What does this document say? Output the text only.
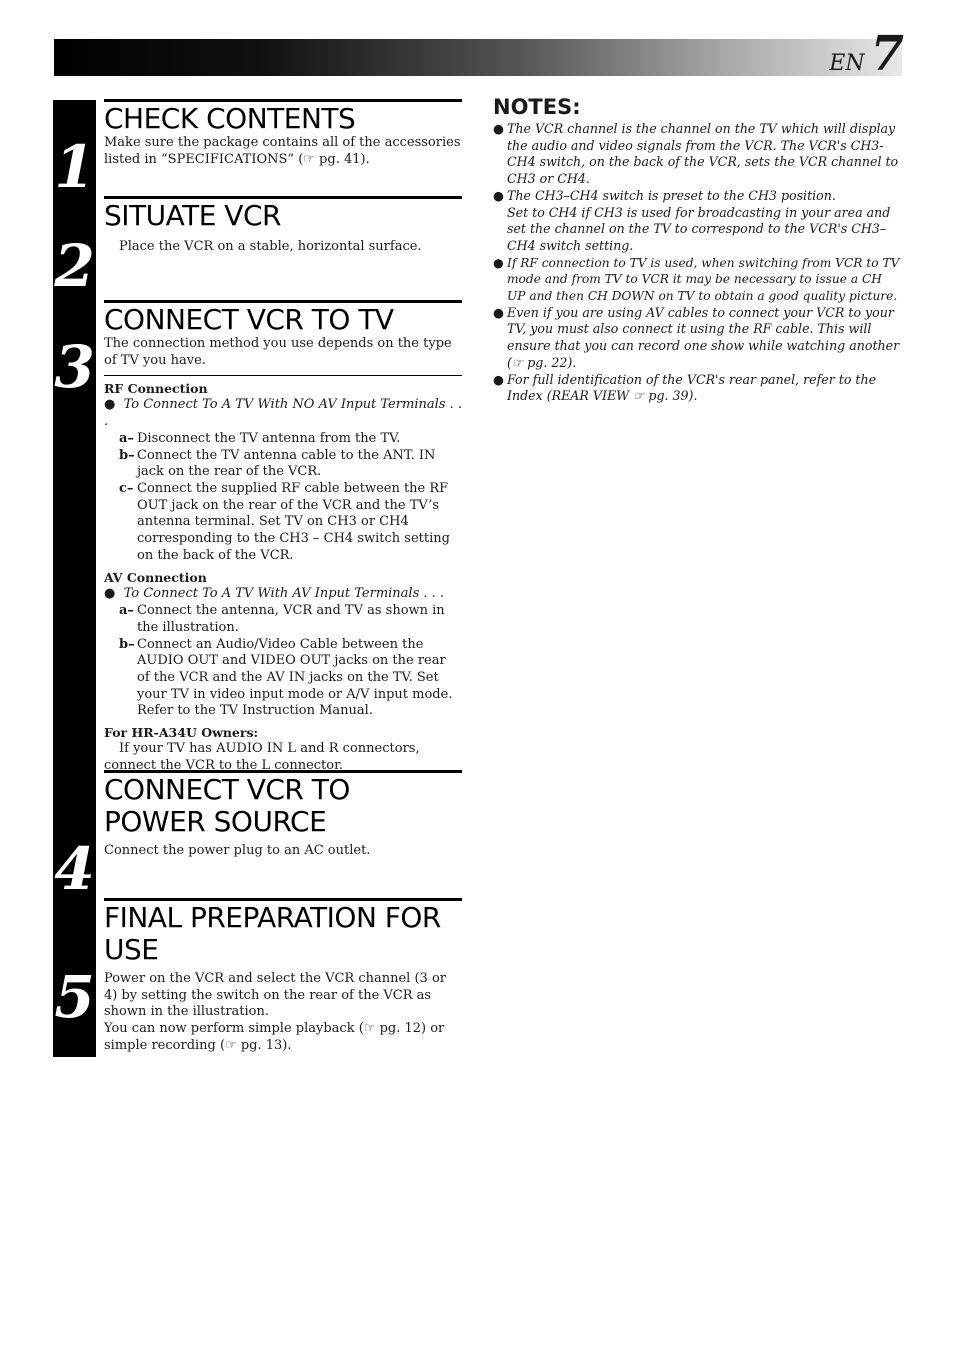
EN 7
1
2
3
4
5
CHECK CONTENTS

Make sure the package contains all of the accessories listed in “SPECIFICATIONS” (☞ pg. 41).

SITUATE VCR

Place the VCR on a stable, horizontal surface.

CONNECT VCR TO TV

The connection method you use depends on the type of TV you have.

RF Connection

●  To Connect To A TV With NO AV Input Terminals . . .

a– Disconnect the TV antenna from the TV.
b– Connect the TV antenna cable to the ANT. IN jack on the rear of the VCR.
c– Connect the supplied RF cable between the RF OUT jack on the rear of the VCR and the TV’s antenna terminal. Set TV on CH3 or CH4 corresponding to the CH3 – CH4 switch setting on the back of the VCR.

AV Connection

●  To Connect To A TV With AV Input Terminals . . .

a– Connect the antenna, VCR and TV as shown in the illustration.
b– Connect an Audio/Video Cable between the AUDIO OUT and VIDEO OUT jacks on the rear of the VCR and the AV IN jacks on the TV. Set your TV in video input mode or A/V input mode. Refer to the TV Instruction Manual.

For HR-A34U Owners:

If your TV has AUDIO IN L and R connectors,

connect the VCR to the L connector.

CONNECT VCR TO
POWER SOURCE

Connect the power plug to an AC outlet.

FINAL PREPARATION FOR
USE

Power on the VCR and select the VCR channel (3 or 4) by setting the switch on the rear of the VCR as shown in the illustration.

You can now perform simple playback (☞ pg. 12) or simple recording (☞ pg. 13).

NOTES:
● The VCR channel is the channel on the TV which will display the audio and video signals from the VCR. The VCR's CH3-CH4 switch, on the back of the VCR, sets the VCR channel to CH3 or CH4.
● The CH3–CH4 switch is preset to the CH3 position.
Set to CH4 if CH3 is used for broadcasting in your area and set the channel on the TV to correspond to the VCR's CH3–CH4 switch setting.
● If RF connection to TV is used, when switching from VCR to TV mode and from TV to VCR it may be necessary to issue a CH UP and then CH DOWN on TV to obtain a good quality picture.
● Even if you are using AV cables to connect your VCR to your TV, you must also connect it using the RF cable. This will ensure that you can record one show while watching another (☞ pg. 22).
● For full identification of the VCR's rear panel, refer to the Index (REAR VIEW ☞ pg. 39).
